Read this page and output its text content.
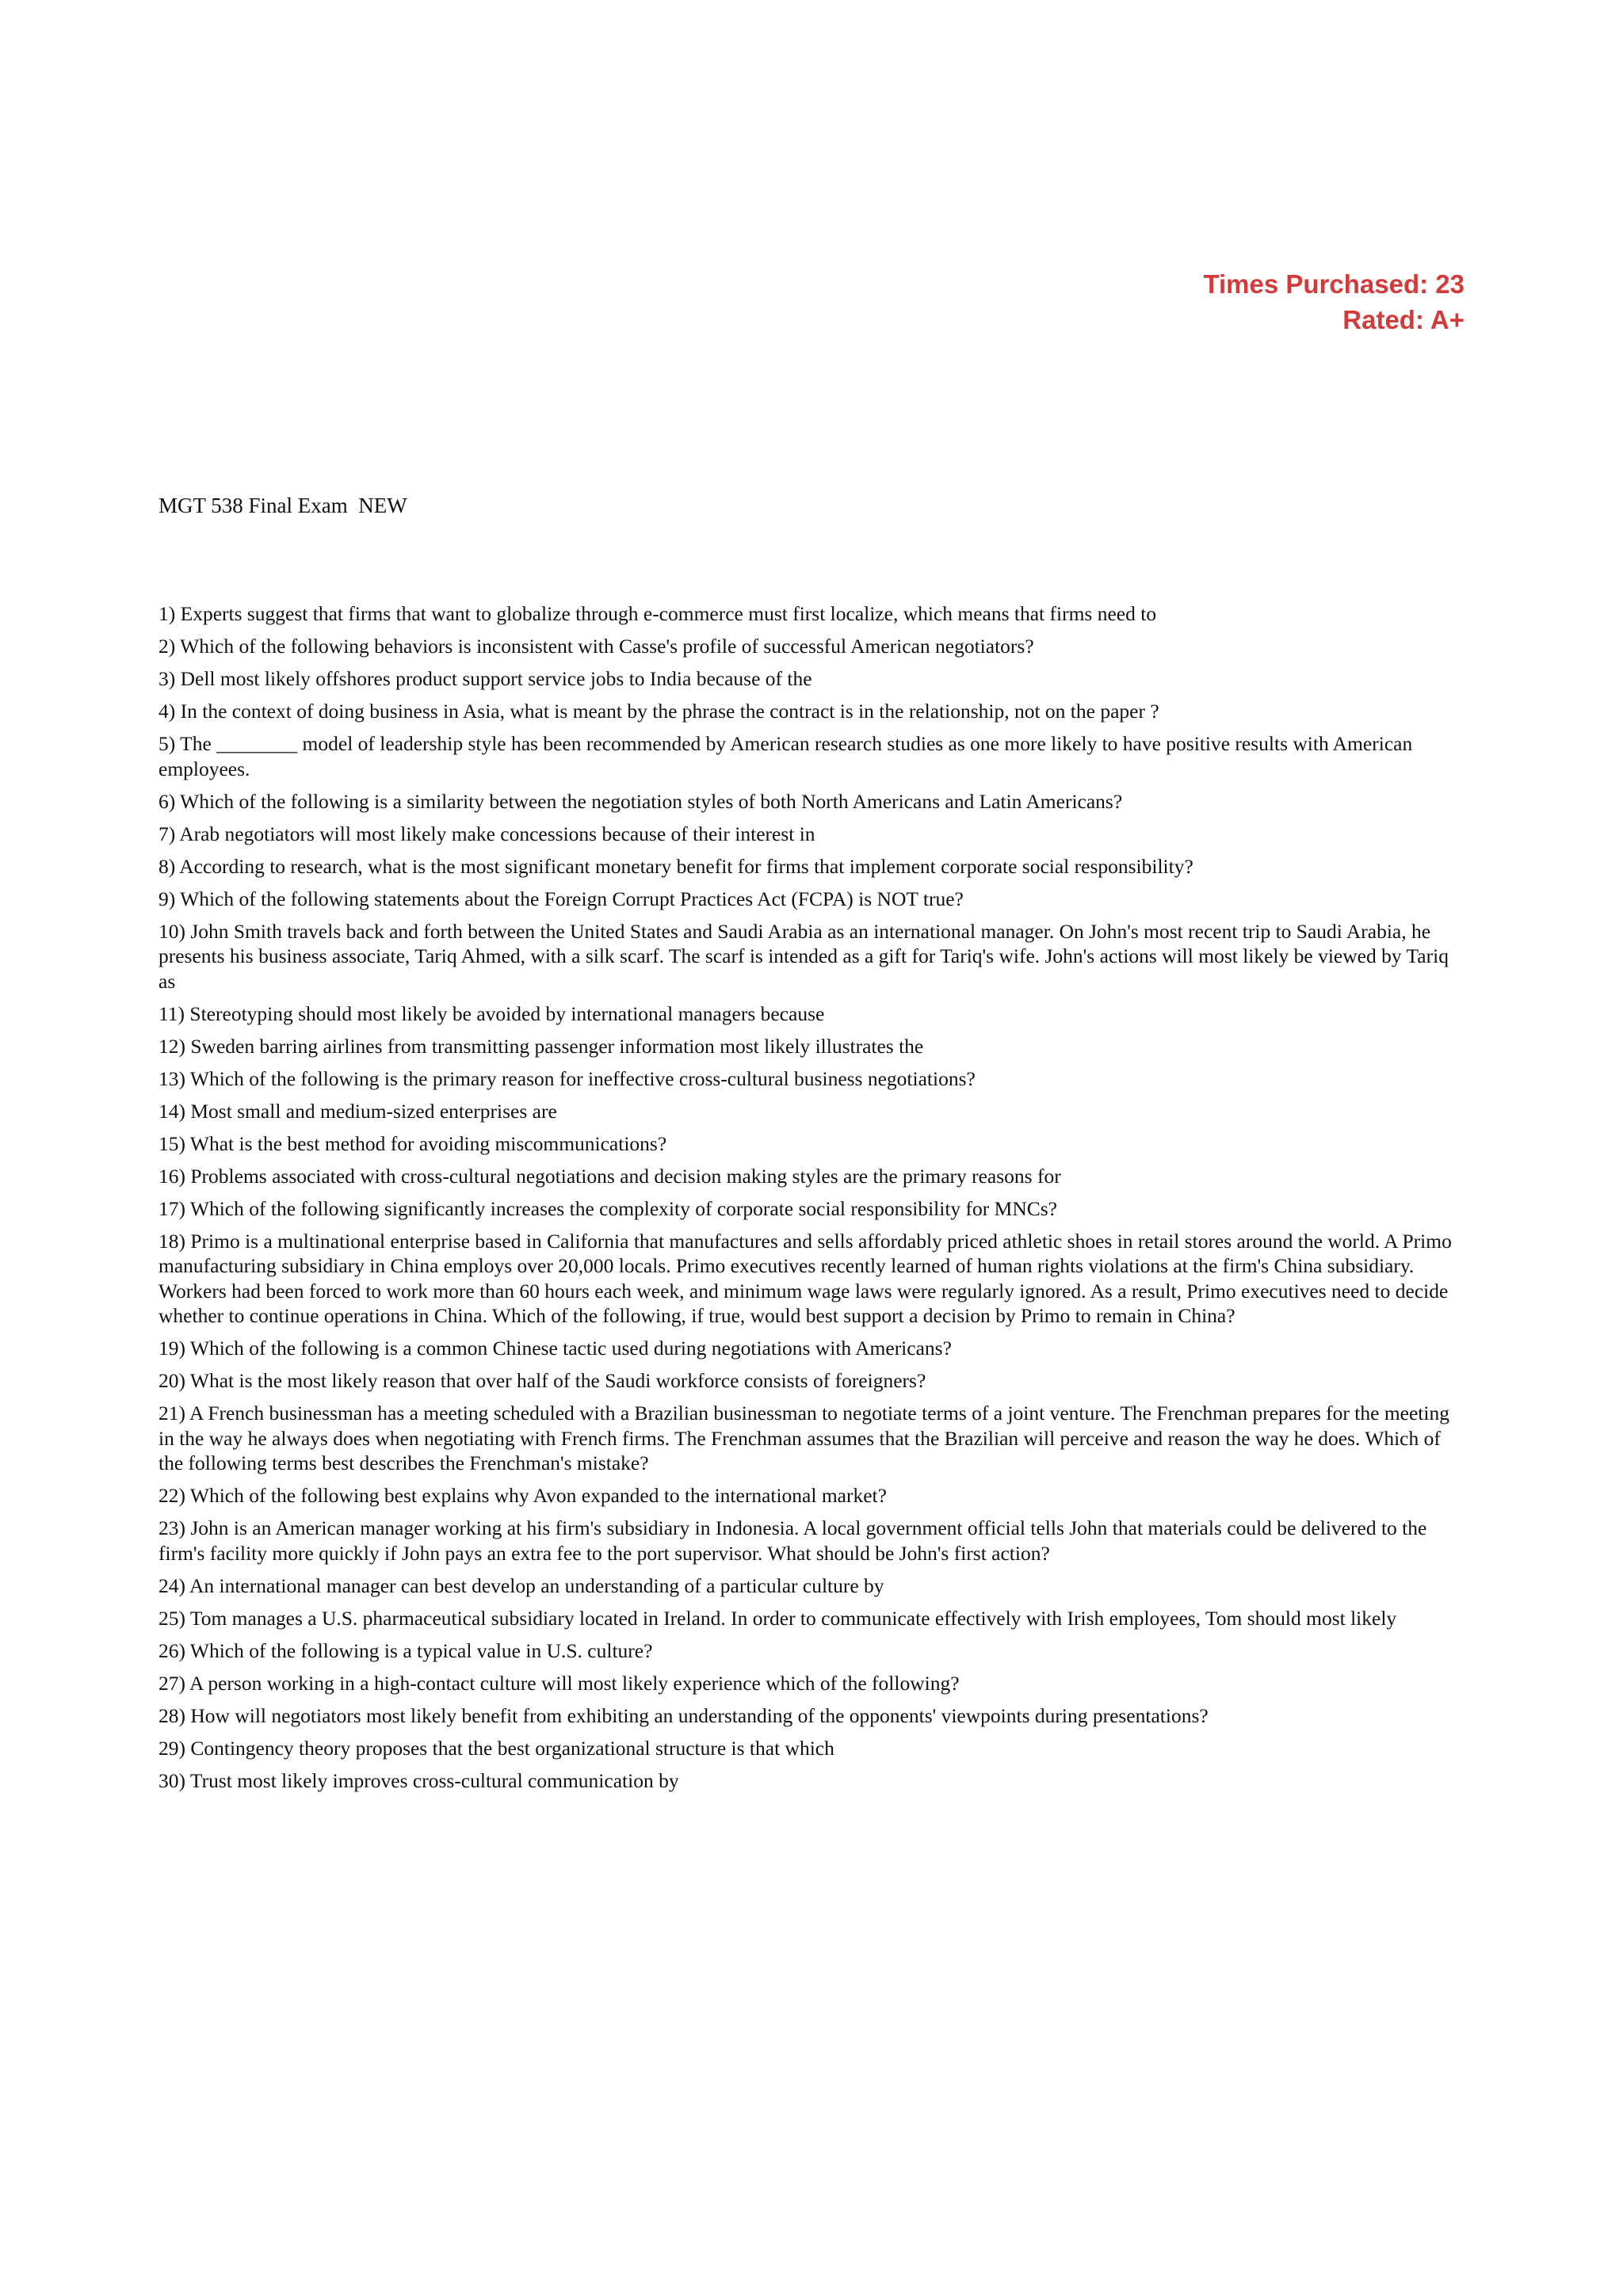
Times Purchased: 23
Rated: A+
MGT 538 Final Exam  NEW
1) Experts suggest that firms that want to globalize through e-commerce must first localize, which means that firms need to
2) Which of the following behaviors is inconsistent with Casse's profile of successful American negotiators?
3) Dell most likely offshores product support service jobs to India because of the
4) In the context of doing business in Asia, what is meant by the phrase the contract is in the relationship, not on the paper ?
5) The ________ model of leadership style has been recommended by American research studies as one more likely to have positive results with American employees.
6) Which of the following is a similarity between the negotiation styles of both North Americans and Latin Americans?
7) Arab negotiators will most likely make concessions because of their interest in
8) According to research, what is the most significant monetary benefit for firms that implement corporate social responsibility?
9) Which of the following statements about the Foreign Corrupt Practices Act (FCPA) is NOT true?
10) John Smith travels back and forth between the United States and Saudi Arabia as an international manager. On John's most recent trip to Saudi Arabia, he presents his business associate, Tariq Ahmed, with a silk scarf. The scarf is intended as a gift for Tariq's wife. John's actions will most likely be viewed by Tariq as
11) Stereotyping should most likely be avoided by international managers because
12) Sweden barring airlines from transmitting passenger information most likely illustrates the
13) Which of the following is the primary reason for ineffective cross-cultural business negotiations?
14) Most small and medium-sized enterprises are
15) What is the best method for avoiding miscommunications?
16) Problems associated with cross-cultural negotiations and decision making styles are the primary reasons for
17) Which of the following significantly increases the complexity of corporate social responsibility for MNCs?
18) Primo is a multinational enterprise based in California that manufactures and sells affordably priced athletic shoes in retail stores around the world. A Primo manufacturing subsidiary in China employs over 20,000 locals. Primo executives recently learned of human rights violations at the firm's China subsidiary. Workers had been forced to work more than 60 hours each week, and minimum wage laws were regularly ignored. As a result, Primo executives need to decide whether to continue operations in China. Which of the following, if true, would best support a decision by Primo to remain in China?
19) Which of the following is a common Chinese tactic used during negotiations with Americans?
20) What is the most likely reason that over half of the Saudi workforce consists of foreigners?
21) A French businessman has a meeting scheduled with a Brazilian businessman to negotiate terms of a joint venture. The Frenchman prepares for the meeting in the way he always does when negotiating with French firms. The Frenchman assumes that the Brazilian will perceive and reason the way he does. Which of the following terms best describes the Frenchman's mistake?
22) Which of the following best explains why Avon expanded to the international market?
23) John is an American manager working at his firm's subsidiary in Indonesia. A local government official tells John that materials could be delivered to the firm's facility more quickly if John pays an extra fee to the port supervisor. What should be John's first action?
24) An international manager can best develop an understanding of a particular culture by
25) Tom manages a U.S. pharmaceutical subsidiary located in Ireland. In order to communicate effectively with Irish employees, Tom should most likely
26) Which of the following is a typical value in U.S. culture?
27) A person working in a high-contact culture will most likely experience which of the following?
28) How will negotiators most likely benefit from exhibiting an understanding of the opponents' viewpoints during presentations?
29) Contingency theory proposes that the best organizational structure is that which
30) Trust most likely improves cross-cultural communication by
